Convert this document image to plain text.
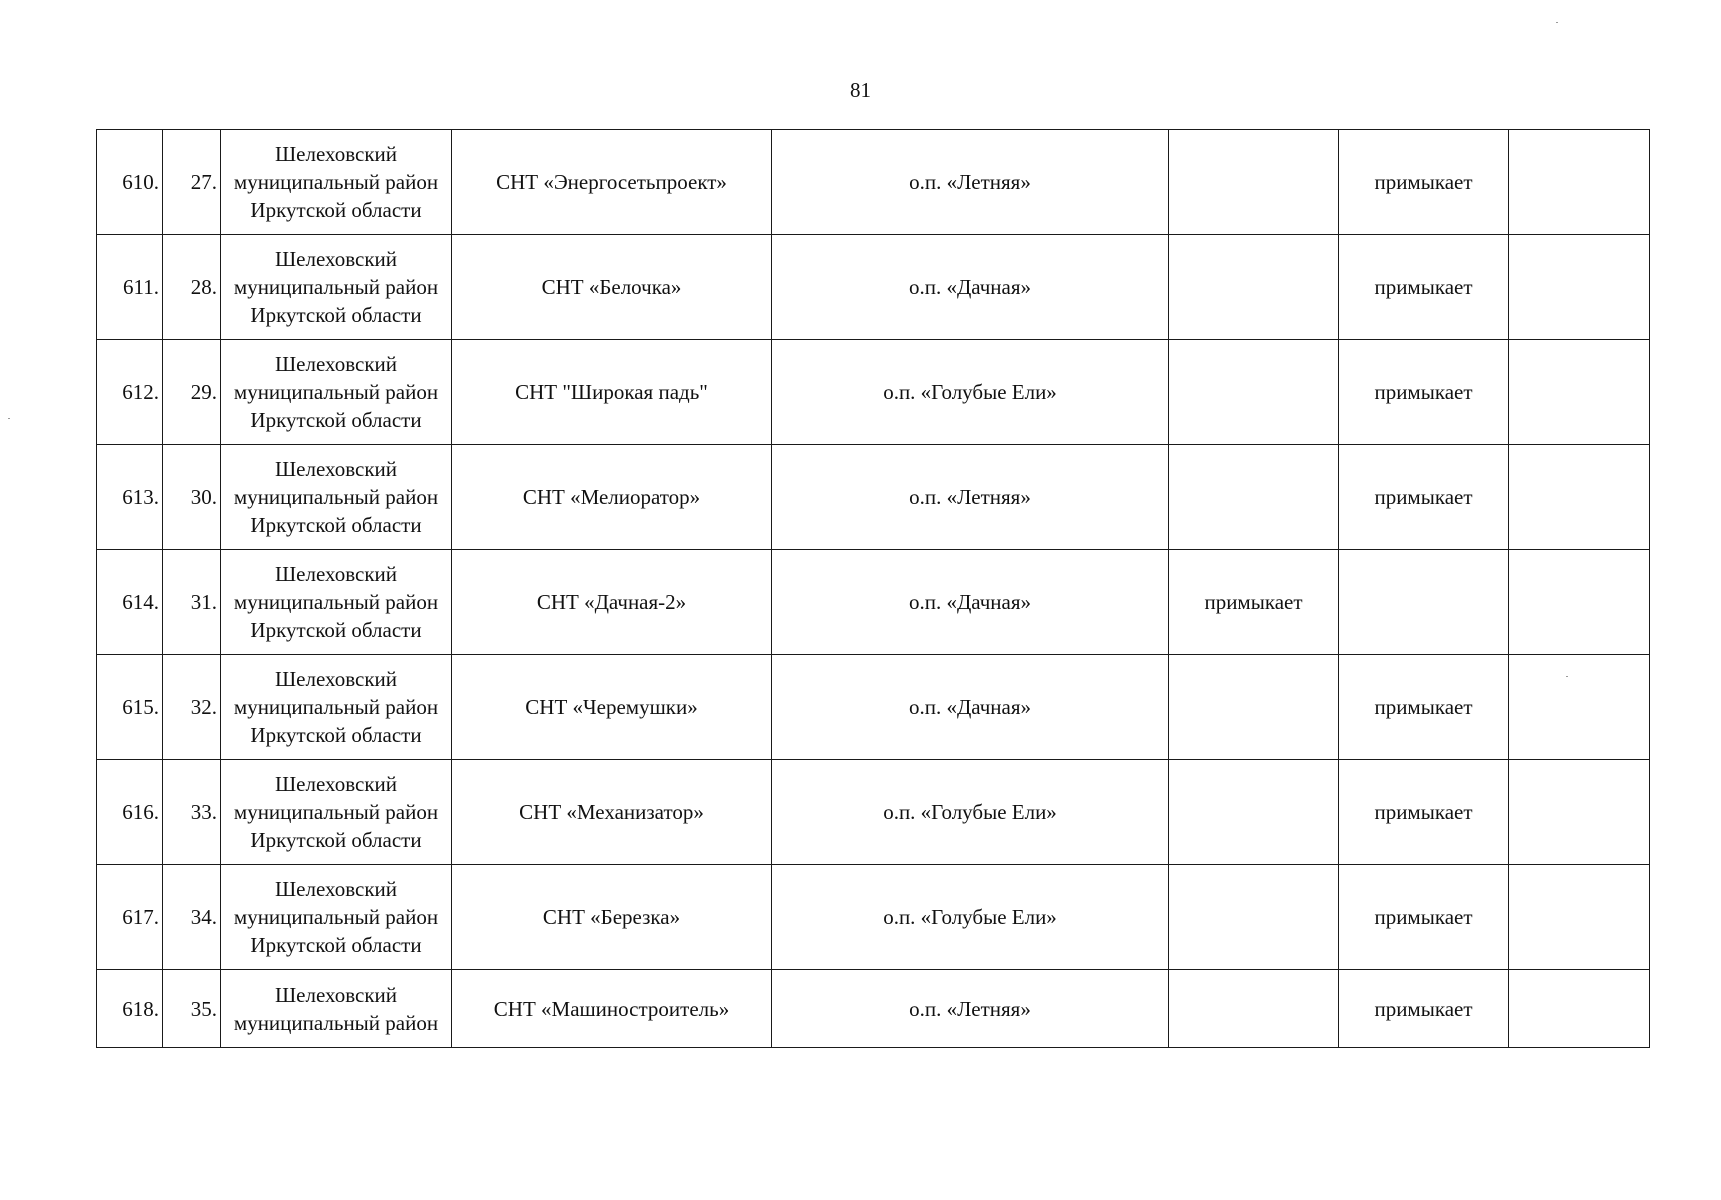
81
610.	27.	Шелеховский
муниципальный район
Иркутской области	СНТ «Энергосетьпроект»	о.п. «Летняя»		примыкает	
611.	28.	Шелеховский
муниципальный район
Иркутской области	СНТ «Белочка»	о.п. «Дачная»		примыкает	
612.	29.	Шелеховский
муниципальный район
Иркутской области	СНТ "Широкая падь"	о.п. «Голубые Ели»		примыкает	
613.	30.	Шелеховский
муниципальный район
Иркутской области	СНТ «Мелиоратор»	о.п. «Летняя»		примыкает	
614.	31.	Шелеховский
муниципальный район
Иркутской области	СНТ «Дачная-2»	о.п. «Дачная»	примыкает		
615.	32.	Шелеховский
муниципальный район
Иркутской области	СНТ «Черемушки»	о.п. «Дачная»		примыкает	
616.	33.	Шелеховский
муниципальный район
Иркутской области	СНТ «Механизатор»	о.п. «Голубые Ели»		примыкает	
617.	34.	Шелеховский
муниципальный район
Иркутской области	СНТ «Березка»	о.п. «Голубые Ели»		примыкает	
618.	35.	Шелеховский
муниципальный район	СНТ «Машиностроитель»	о.п. «Летняя»		примыкает	
